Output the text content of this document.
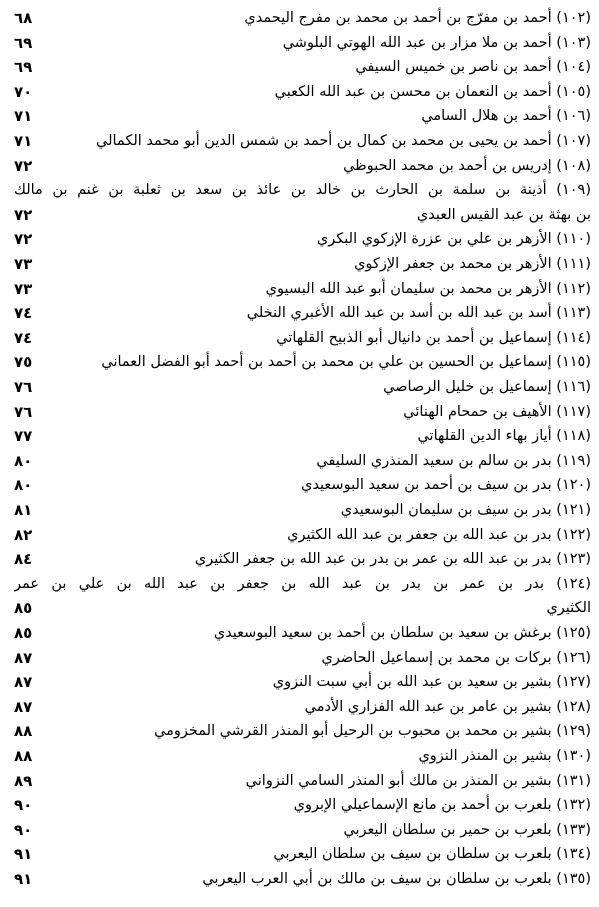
(١٠٢) أحمد بن مفرّج بن أحمد بن محمد بن مفرج اليحمدي
٦٨
(١٠٣) أحمد بن ملا مزار بن عبد الله الهوتي البلوشي
٦٩
(١٠٤) أحمد بن ناصر بن خميس السيفي
٦٩
(١٠٥) أحمد بن النعمان بن محسن بن عبد الله الكعبي
٧٠
(١٠٦) أحمد بن هلال السامي
٧١
(١٠٧) أحمد بن يحيى بن محمد بن كمال بن أحمد بن شمس الدين أبو محمد الكمالي
٧١
(١٠٨) إدريس بن أحمد بن محمد الحبوظي
٧٢
(١٠٩) أذينة بن سلمة بن الحارث بن خالد بن عائذ بن سعد بن ثعلبة بن غنم بن مالك
بن بهثة بن عبد القيس العبدي
٧٢
(١١٠) الأزهر بن علي بن عزرة الإزكوي البكري
٧٢
(١١١) الأزهر بن محمد بن جعفر الإزكوي
٧٣
(١١٢) الأزهر بن محمد بن سليمان أبو عبد الله البسيوي
٧٣
(١١٣) أسد بن عبد الله بن أسد بن عبد الله الأغبري النخلي
٧٤
(١١٤) إسماعيل بن أحمد بن دانيال أبو الذبيح القلهاتي
٧٤
(١١٥) إسماعيل بن الحسين بن علي بن محمد بن أحمد بن أحمد أبو الفضل العماني
٧٥
(١١٦) إسماعيل بن خليل الرصاصي
٧٦
(١١٧) الأهيف بن حمحام الهنائي
٧٦
(١١٨) أياز بهاء الدين القلهاتي
٧٧
(١١٩) بدر بن سالم بن سعيد المنذري السليفي
٨٠
(١٢٠) بدر بن سيف بن أحمد بن سعيد البوسعيدي
٨٠
(١٢١) بدر بن سيف بن سليمان البوسعيدي
٨١
(١٢٢) بدر بن عبد الله بن جعفر بن عبد الله الكثيري
٨٢
(١٢٣) بدر بن عبد الله بن عمر بن بدر بن عبد الله بن جعفر الكثيري
٨٤
(١٢٤) بدر بن عمر بن بدر بن عبد الله بن جعفر بن عبد الله بن علي بن عمر
الكثيري
٨٥
(١٢٥) برغش بن سعيد بن سلطان بن أحمد بن سعيد البوسعيدي
٨٥
(١٢٦) بركات بن محمد بن إسماعيل الحاضري
٨٧
(١٢٧) بشير بن سعيد بن عبد الله بن أبي سبت النزوي
٨٧
(١٢٨) بشير بن عامر بن عبد الله الفزاري الأدمي
٨٧
(١٢٩) بشير بن محمد بن محبوب بن الرحيل أبو المنذر القرشي المخزومي
٨٨
(١٣٠) بشير بن المنذر النزوي
٨٨
(١٣١) بشير بن المنذر بن مالك أبو المنذر السامي النزواني
٨٩
(١٣٢) بلعرب بن أحمد بن مانع الإسماعيلي الإبروي
٩٠
(١٣٣) بلعرب بن حمير بن سلطان اليعربي
٩٠
(١٣٤) بلعرب بن سلطان بن سيف بن سلطان اليعربي
٩١
(١٣٥) بلعرب بن سلطان بن سيف بن مالك بن أبي العرب اليعربي
٩١
